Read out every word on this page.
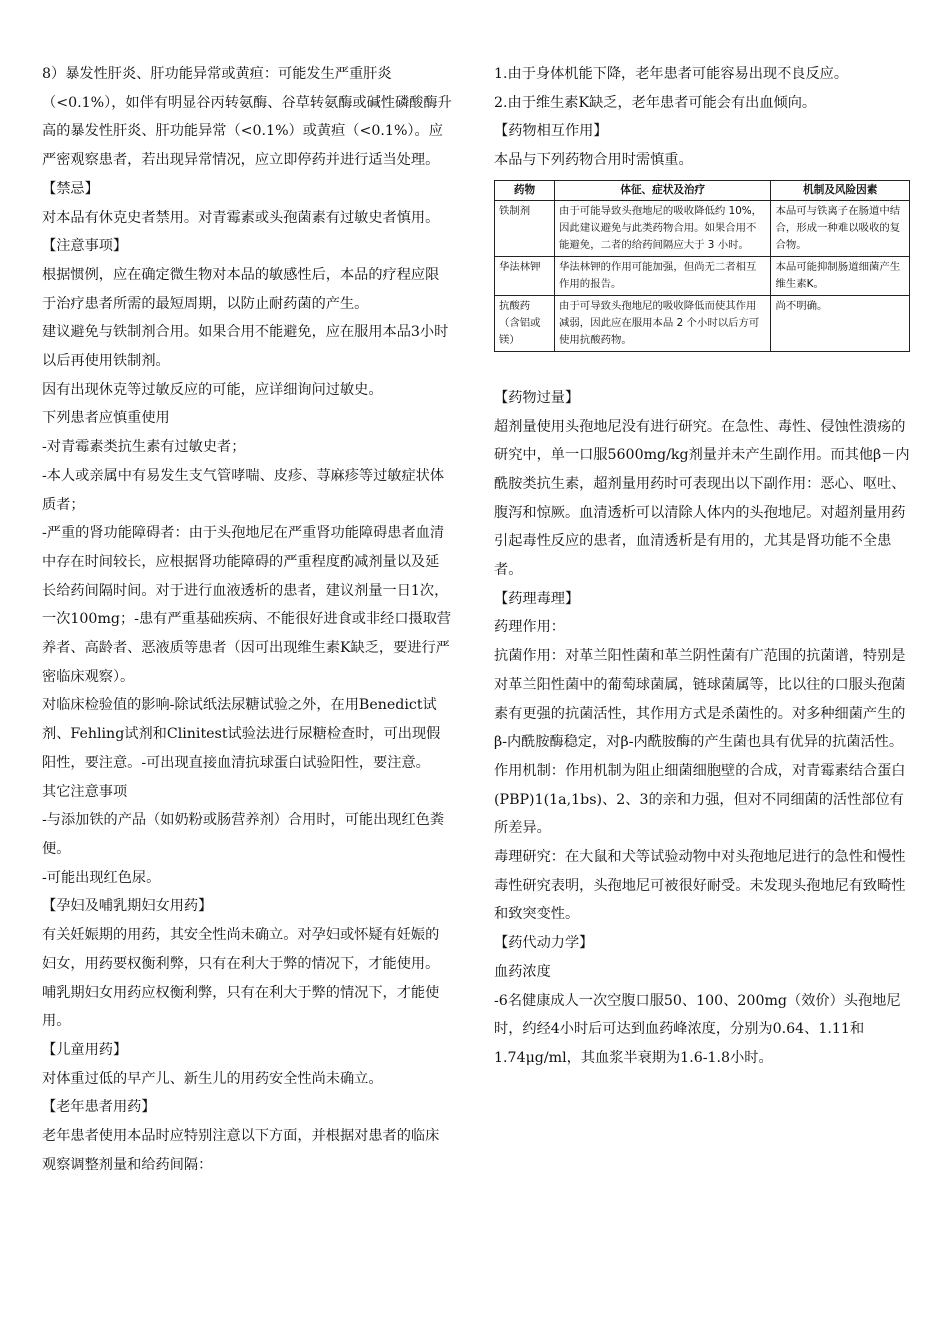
8）暴发性肝炎、肝功能异常或黄疸：可能发生严重肝炎（<0.1%），如伴有明显谷丙转氨酶、谷草转氨酶或碱性磷酸酶升高的暴发性肝炎、肝功能异常（<0.1%）或黄疸（<0.1%）。应严密观察患者，若出现异常情况，应立即停药并进行适当处理。

【禁忌】

对本品有休克史者禁用。对青霉素或头孢菌素有过敏史者慎用。

【注意事项】

根据惯例，应在确定微生物对本品的敏感性后，本品的疗程应限于治疗患者所需的最短周期，以防止耐药菌的产生。

建议避免与铁制剂合用。如果合用不能避免，应在服用本品3小时以后再使用铁制剂。

因有出现休克等过敏反应的可能，应详细询问过敏史。

下列患者应慎重使用

-对青霉素类抗生素有过敏史者；

-本人或亲属中有易发生支气管哮喘、皮疹、荨麻疹等过敏症状体质者；

-严重的肾功能障碍者：由于头孢地尼在严重肾功能障碍患者血清中存在时间较长，应根据肾功能障碍的严重程度酌减剂量以及延长给药间隔时间。对于进行血液透析的患者，建议剂量一日1次，一次100mg；-患有严重基础疾病、不能很好进食或非经口摄取营养者、高龄者、恶液质等患者（因可出现维生素K缺乏，要进行严密临床观察）。

对临床检验值的影响-除试纸法尿糖试验之外，在用Benedict试剂、Fehling试剂和Clinitest试验法进行尿糖检查时，可出现假阳性，要注意。-可出现直接血清抗球蛋白试验阳性，要注意。

其它注意事项

-与添加铁的产品（如奶粉或肠营养剂）合用时，可能出现红色粪便。

-可能出现红色尿。

【孕妇及哺乳期妇女用药】

有关妊娠期的用药，其安全性尚未确立。对孕妇或怀疑有妊娠的妇女，用药要权衡利弊，只有在利大于弊的情况下，才能使用。

哺乳期妇女用药应权衡利弊，只有在利大于弊的情况下，才能使用。

【儿童用药】

对体重过低的早产儿、新生儿的用药安全性尚未确立。

【老年患者用药】

老年患者使用本品时应特别注意以下方面，并根据对患者的临床观察调整剂量和给药间隔：

1.由于身体机能下降，老年患者可能容易出现不良反应。

2.由于维生素K缺乏，老年患者可能会有出血倾向。

【药物相互作用】

本品与下列药物合用时需慎重。

药物	体征、症状及治疗	机制及风险因素
铁制剂	由于可能导致头孢地尼的吸收降低约 10%，因此建议避免与此类药物合用。如果合用不能避免，二者的给药间隔应大于 3 小时。	本品可与铁离子在肠道中结合，形成一种难以吸收的复合物。
华法林钾	华法林钾的作用可能加强，但尚无二者相互作用的报告。	本品可能抑制肠道细菌产生维生素K。
抗酸药（含铝或镁）	由于可导致头孢地尼的吸收降低而使其作用减弱，因此应在服用本品 2 个小时以后方可使用抗酸药物。	尚不明确。

【药物过量】

超剂量使用头孢地尼没有进行研究。在急性、毒性、侵蚀性溃疡的研究中，单一口服5600mg/kg剂量并未产生副作用。而其他β－内酰胺类抗生素，超剂量用药时可表现出以下副作用：恶心、呕吐、腹泻和惊厥。血清透析可以清除人体内的头孢地尼。对超剂量用药引起毒性反应的患者，血清透析是有用的，尤其是肾功能不全患者。

【药理毒理】

药理作用：

抗菌作用：对革兰阳性菌和革兰阴性菌有广范围的抗菌谱，特别是对革兰阳性菌中的葡萄球菌属，链球菌属等，比以往的口服头孢菌素有更强的抗菌活性，其作用方式是杀菌性的。对多种细菌产生的β-内酰胺酶稳定，对β-内酰胺酶的产生菌也具有优异的抗菌活性。

作用机制：作用机制为阻止细菌细胞壁的合成，对青霉素结合蛋白(PBP)1(1a,1bs)、2、3的亲和力强，但对不同细菌的活性部位有所差异。

毒理研究：在大鼠和犬等试验动物中对头孢地尼进行的急性和慢性毒性研究表明，头孢地尼可被很好耐受。未发现头孢地尼有致畸性和致突变性。

【药代动力学】

血药浓度

-6名健康成人一次空腹口服50、100、200mg（效价）头孢地尼时，约经4小时后可达到血药峰浓度，分别为0.64、1.11和1.74μg/ml，其血浆半衰期为1.6-1.8小时。
